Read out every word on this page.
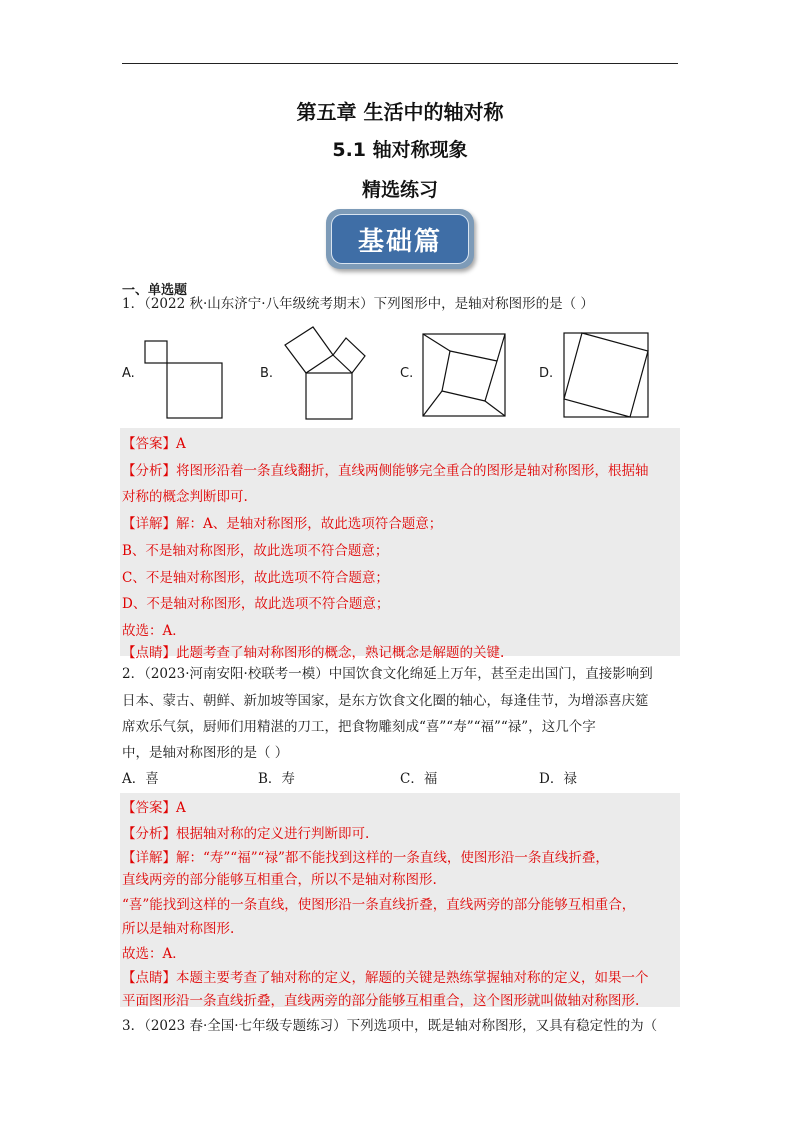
第五章 生活中的轴对称
5.1 轴对称现象
精选练习
基础篇
一、单选题
1．（2022 秋·山东济宁·八年级统考期末）下列图形中，是轴对称图形的是（ ）
A.	B.	C.	D.
【答案】A
【分析】将图形沿着一条直线翻折，直线两侧能够完全重合的图形是轴对称图形，根据轴
对称的概念判断即可.
【详解】解：A、是轴对称图形，故此选项符合题意；
B、不是轴对称图形，故此选项不符合题意；
C、不是轴对称图形，故此选项不符合题意；
D、不是轴对称图形，故此选项不符合题意；
故选：A．
【点睛】此题考查了轴对称图形的概念，熟记概念是解题的关键.
2．（2023·河南安阳·校联考一模）中国饮食文化绵延上万年，甚至走出国门，直接影响到
日本、蒙古、朝鲜、新加坡等国家，是东方饮食文化圈的轴心，每逢佳节，为增添喜庆筵
席欢乐气氛，厨师们用精湛的刀工，把食物雕刻成“喜”“寿”“福”“禄”，这几个字
中，是轴对称图形的是（ ）
A．喜	B．寿	C．福	D．禄
【答案】A
【分析】根据轴对称的定义进行判断即可.
【详解】解：“寿”“福”“禄”都不能找到这样的一条直线，使图形沿一条直线折叠，
直线两旁的部分能够互相重合，所以不是轴对称图形.
“喜”能找到这样的一条直线，使图形沿一条直线折叠，直线两旁的部分能够互相重合，
所以是轴对称图形.
故选：A．
【点睛】本题主要考查了轴对称的定义，解题的关键是熟练掌握轴对称的定义，如果一个
平面图形沿一条直线折叠，直线两旁的部分能够互相重合，这个图形就叫做轴对称图形.
3．（2023 春·全国·七年级专题练习）下列选项中，既是轴对称图形，又具有稳定性的为（
